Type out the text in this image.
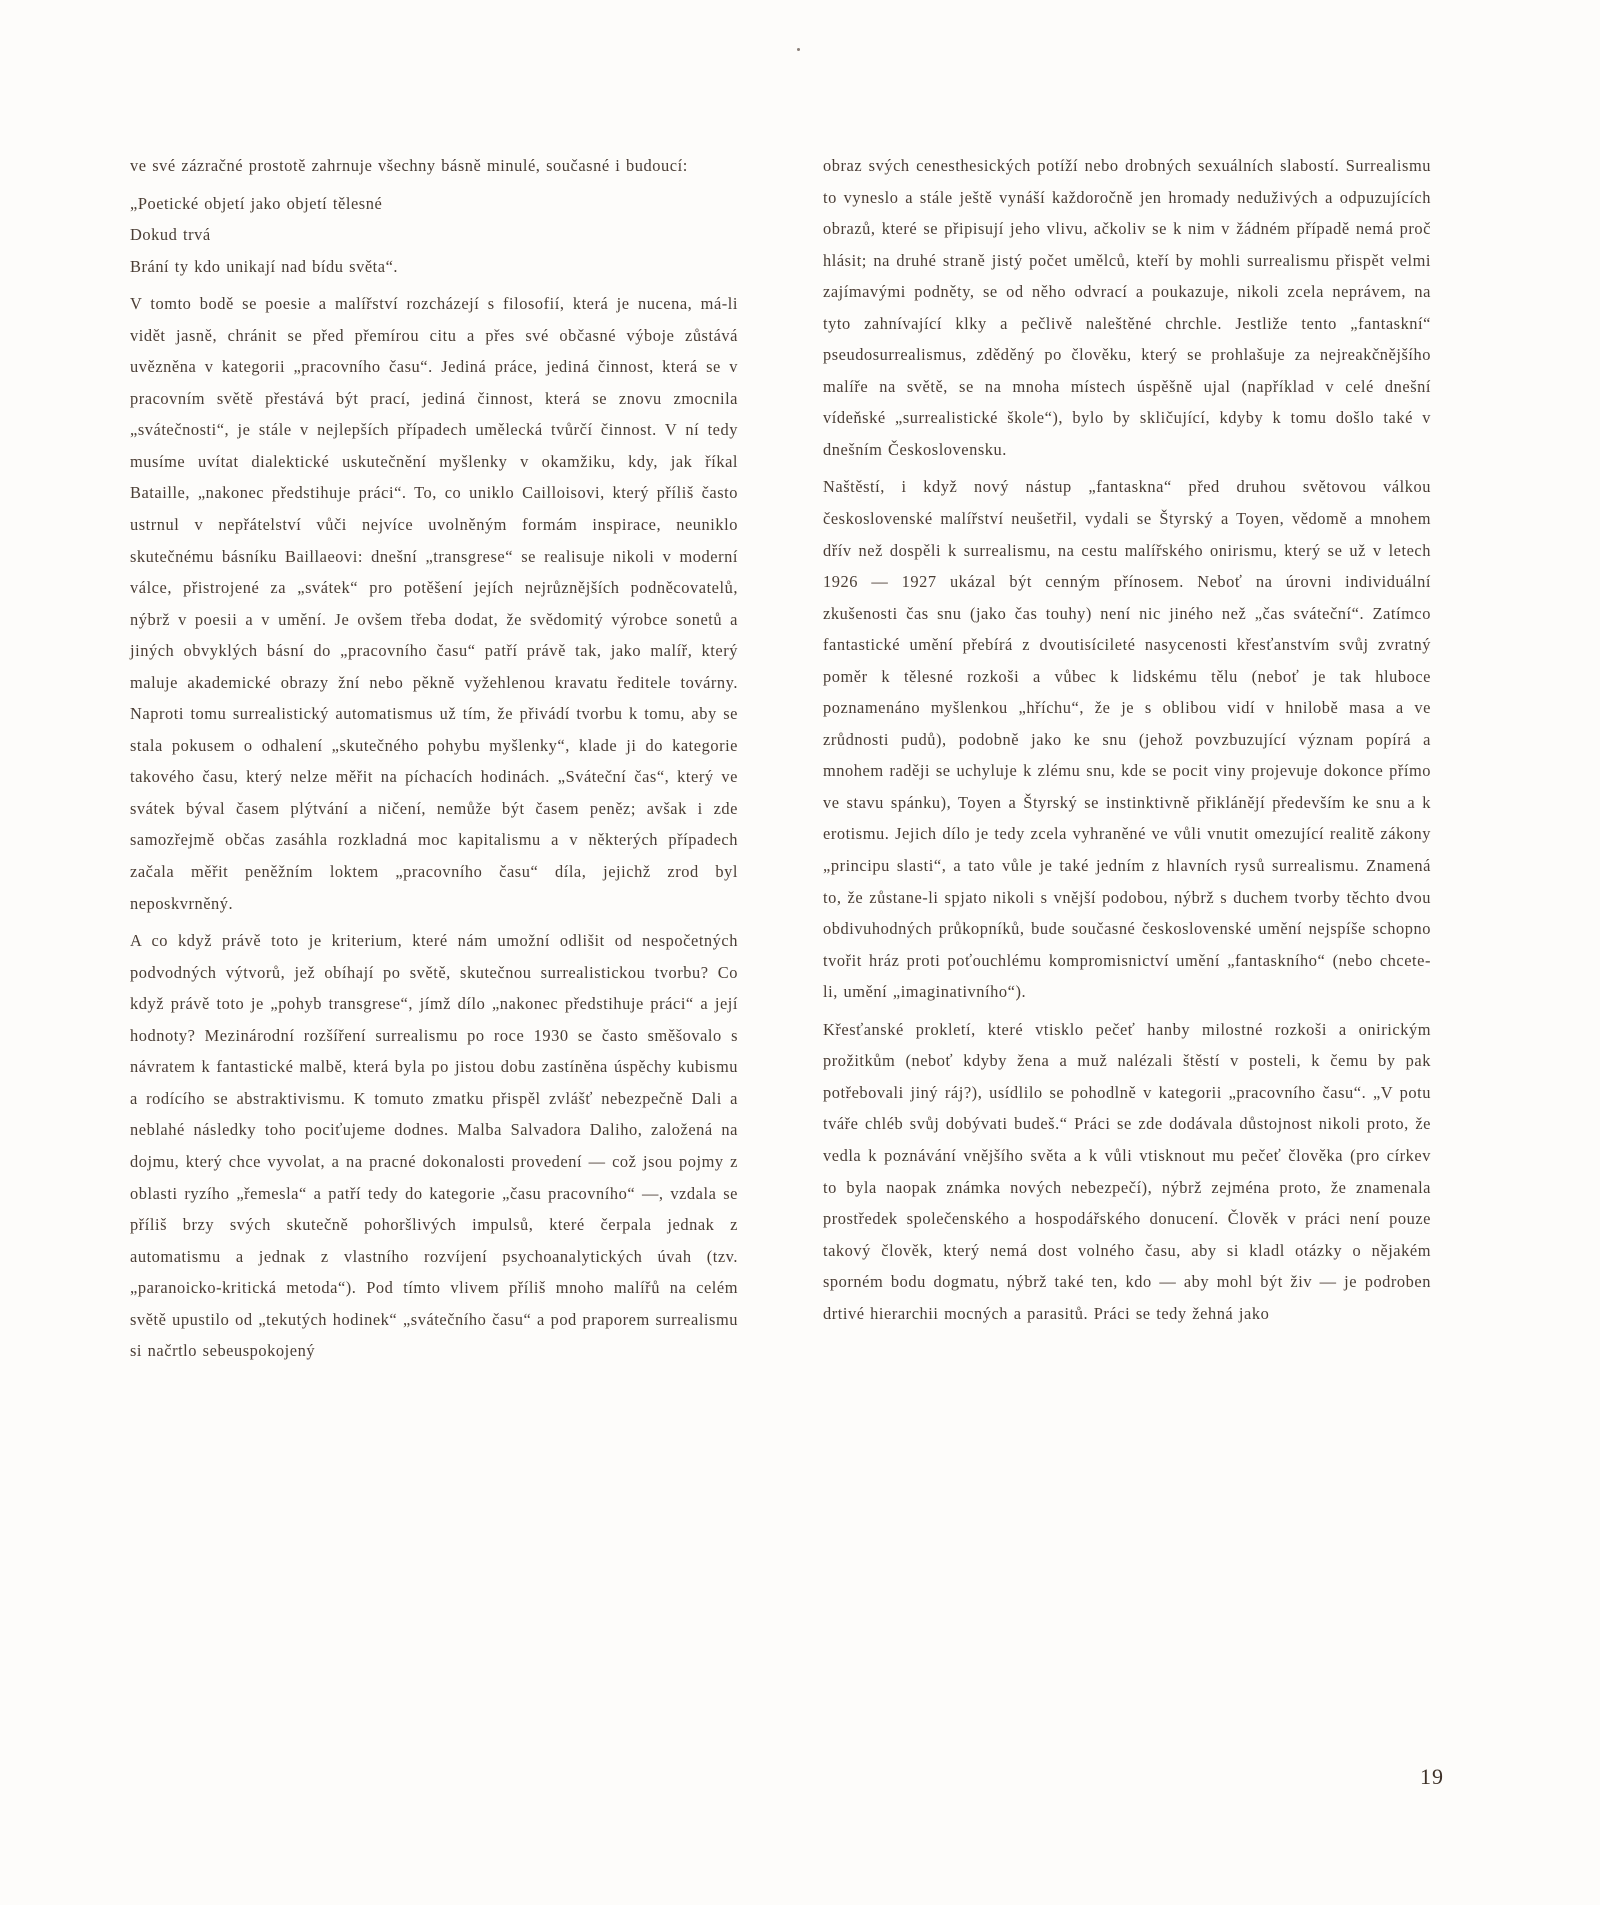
ve své zázračné prostotě zahrnuje všechny básně minulé, současné i budoucí:

„Poetické objetí jako objetí tělesné

Dokud trvá

Brání ty kdo unikají nad bídu světa“.

V tomto bodě se poesie a malířství rozcházejí s filosofií, která je nucena, má-li vidět jasně, chránit se před přemírou citu a přes své občasné výboje zůstává uvězněna v kategorii „pracovního času“. Jediná práce, jediná činnost, která se v pracovním světě přestává být prací, jediná činnost, která se znovu zmocnila „svátečnosti“, je stále v nejlepších případech umělecká tvůrčí činnost. V ní tedy musíme uvítat dialektické uskutečnění myšlenky v okamžiku, kdy, jak říkal Bataille, „nakonec předstihuje práci“. To, co uniklo Cailloisovi, který příliš často ustrnul v nepřátelství vůči nejvíce uvolněným formám inspirace, neuniklo skutečnému básníku Baillaeovi: dnešní „transgrese“ se realisuje nikoli v moderní válce, přistrojené za „svátek“ pro potěšení jejích nejrůznějších podněcovatelů, nýbrž v poesii a v umění. Je ovšem třeba dodat, že svědomitý výrobce sonetů a jiných obvyklých básní do „pracovního času“ patří právě tak, jako malíř, který maluje akademické obrazy žní nebo pěkně vyžehlenou kravatu ředitele továrny. Naproti tomu surrealistický automatismus už tím, že přivádí tvorbu k tomu, aby se stala pokusem o odhalení „skutečného pohybu myšlenky“, klade ji do kategorie takového času, který nelze měřit na píchacích hodinách. „Sváteční čas“, který ve svátek býval časem plýtvání a ničení, nemůže být časem peněz; avšak i zde samozřejmě občas zasáhla rozkladná moc kapitalismu a v některých případech začala měřit peněžním loktem „pracovního času“ díla, jejichž zrod byl neposkvrněný.

A co když právě toto je kriterium, které nám umožní odlišit od nespočetných podvodných výtvorů, jež obíhají po světě, skutečnou surrealistickou tvorbu? Co když právě toto je „pohyb transgrese“, jímž dílo „nakonec předstihuje práci“ a její hodnoty? Mezinárodní rozšíření surrealismu po roce 1930 se často směšovalo s návratem k fantastické malbě, která byla po jistou dobu zastíněna úspěchy kubismu a rodícího se abstraktivismu. K tomuto zmatku přispěl zvlášť nebezpečně Dali a neblahé následky toho pociťujeme dodnes. Malba Salvadora Daliho, založená na dojmu, který chce vyvolat, a na pracné dokonalosti provedení — což jsou pojmy z oblasti ryzího „řemesla“ a patří tedy do kategorie „času pracovního“ —, vzdala se příliš brzy svých skutečně pohoršlivých impulsů, které čerpala jednak z automatismu a jednak z vlastního rozvíjení psychoanalytických úvah (tzv. „paranoicko-kritická metoda“). Pod tímto vlivem příliš mnoho malířů na celém světě upustilo od „tekutých hodinek“ „svátečního času“ a pod praporem surrealismu si načrtlo sebeuspokojený

obraz svých cenesthesických potíží nebo drobných sexuálních slabostí. Surrealismu to vyneslo a stále ještě vynáší každoročně jen hromady neduživých a odpuzujících obrazů, které se připisují jeho vlivu, ačkoliv se k nim v žádném případě nemá proč hlásit; na druhé straně jistý počet umělců, kteří by mohli surrealismu přispět velmi zajímavými podněty, se od něho odvrací a poukazuje, nikoli zcela neprávem, na tyto zahnívající klky a pečlivě naleštěné chrchle. Jestliže tento „fantaskní“ pseudosurrealismus, zděděný po člověku, který se prohlašuje za nejreakčnějšího malíře na světě, se na mnoha místech úspěšně ujal (například v celé dnešní vídeňské „surrealistické škole“), bylo by skličující, kdyby k tomu došlo také v dnešním Československu.

Naštěstí, i když nový nástup „fantaskna“ před druhou světovou válkou československé malířství neušetřil, vydali se Štyrský a Toyen, vědomě a mnohem dřív než dospěli k surrealismu, na cestu malířského onirismu, který se už v letech 1926 — 1927 ukázal být cenným přínosem. Neboť na úrovni individuální zkušenosti čas snu (jako čas touhy) není nic jiného než „čas sváteční“. Zatímco fantastické umění přebírá z dvoutisícileté nasycenosti křesťanstvím svůj zvratný poměr k tělesné rozkoši a vůbec k lidskému tělu (neboť je tak hluboce poznamenáno myšlenkou „hříchu“, že je s oblibou vidí v hnilobě masa a ve zrůdnosti pudů), podobně jako ke snu (jehož povzbuzující význam popírá a mnohem raději se uchyluje k zlému snu, kde se pocit viny projevuje dokonce přímo ve stavu spánku), Toyen a Štyrský se instinktivně přiklánějí především ke snu a k erotismu. Jejich dílo je tedy zcela vyhraněné ve vůli vnutit omezující realitě zákony „principu slasti“, a tato vůle je také jedním z hlavních rysů surrealismu. Znamená to, že zůstane-li spjato nikoli s vnější podobou, nýbrž s duchem tvorby těchto dvou obdivuhodných průkopníků, bude současné československé umění nejspíše schopno tvořit hráz proti poťouchlému kompromisnictví umění „fantaskního“ (nebo chcete-li, umění „imaginativního“).

Křesťanské prokletí, které vtisklo pečeť hanby milostné rozkoši a onirickým prožitkům (neboť kdyby žena a muž nalézali štěstí v posteli, k čemu by pak potřebovali jiný ráj?), usídlilo se pohodlně v kategorii „pracovního času“. „V potu tváře chléb svůj dobývati budeš.“ Práci se zde dodávala důstojnost nikoli proto, že vedla k poznávání vnějšího světa a k vůli vtisknout mu pečeť člověka (pro církev to byla naopak známka nových nebezpečí), nýbrž zejména proto, že znamenala prostředek společenského a hospodářského donucení. Člověk v práci není pouze takový člověk, který nemá dost volného času, aby si kladl otázky o nějakém sporném bodu dogmatu, nýbrž také ten, kdo — aby mohl být živ — je podroben drtivé hierarchii mocných a parasitů. Práci se tedy žehná jako

19
